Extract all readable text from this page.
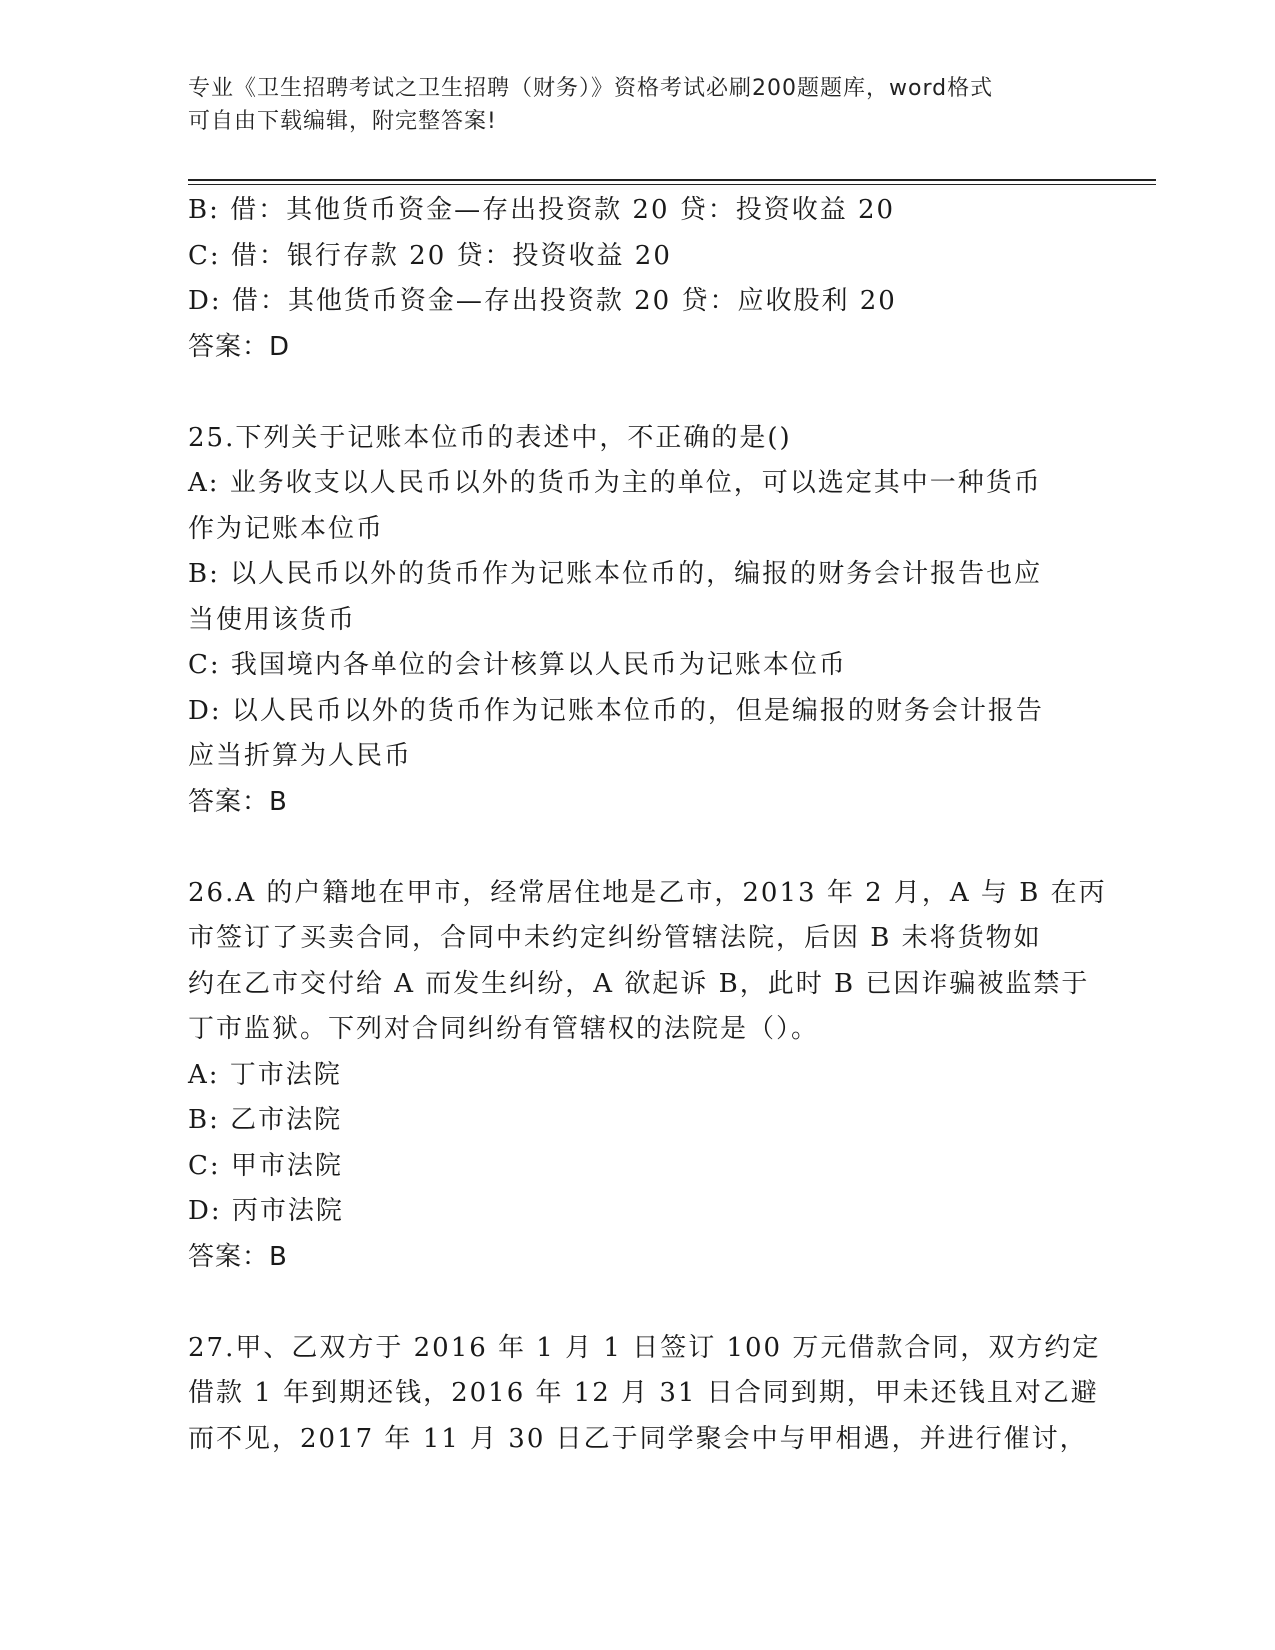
专业《卫生招聘考试之卫生招聘（财务）》资格考试必刷200题题库，word格式
可自由下载编辑，附完整答案!
B: 借：其他货币资金—存出投资款 20 贷：投资收益 20
C: 借：银行存款 20 贷：投资收益 20
D: 借：其他货币资金—存出投资款 20 贷：应收股利 20
答案：D
25.下列关于记账本位币的表述中，不正确的是()
A: 业务收支以人民币以外的货币为主的单位，可以选定其中一种货币
作为记账本位币
B: 以人民币以外的货币作为记账本位币的，编报的财务会计报告也应
当使用该货币
C: 我国境内各单位的会计核算以人民币为记账本位币
D: 以人民币以外的货币作为记账本位币的，但是编报的财务会计报告
应当折算为人民币
答案：B
26.A 的户籍地在甲市，经常居住地是乙市，2013 年 2 月，A 与 B 在丙
市签订了买卖合同，合同中未约定纠纷管辖法院，后因 B 未将货物如
约在乙市交付给 A 而发生纠纷，A 欲起诉 B，此时 B 已因诈骗被监禁于
丁市监狱。下列对合同纠纷有管辖权的法院是（）。
A: 丁市法院
B: 乙市法院
C: 甲市法院
D: 丙市法院
答案：B
27.甲、乙双方于 2016 年 1 月 1 日签订 100 万元借款合同，双方约定
借款 1 年到期还钱，2016 年 12 月 31 日合同到期，甲未还钱且对乙避
而不见，2017 年 11 月 30 日乙于同学聚会中与甲相遇，并进行催讨，
